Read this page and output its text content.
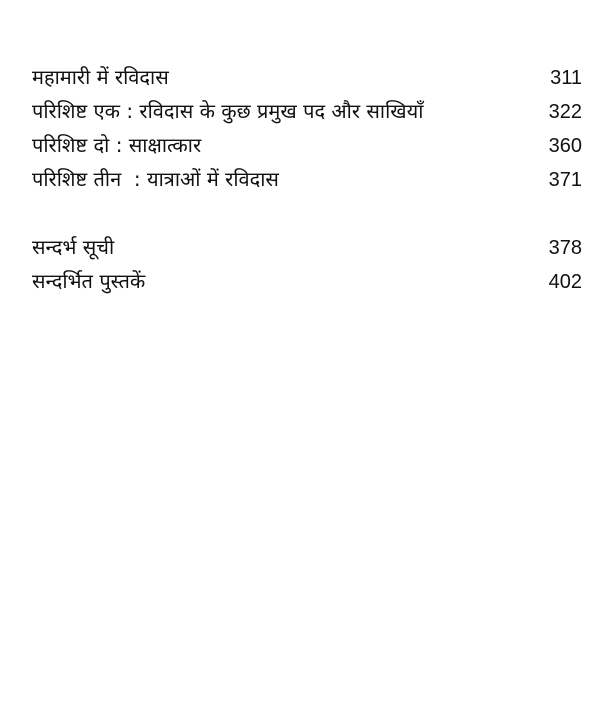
महामारी में रविदास	311
परिशिष्ट एक : रविदास के कुछ प्रमुख पद और साखियाँ	322
परिशिष्ट दो : साक्षात्कार	360
परिशिष्ट तीन  : यात्राओं में रविदास	371
सन्दर्भ सूची	378
सन्दर्भित पुस्तकें	402
